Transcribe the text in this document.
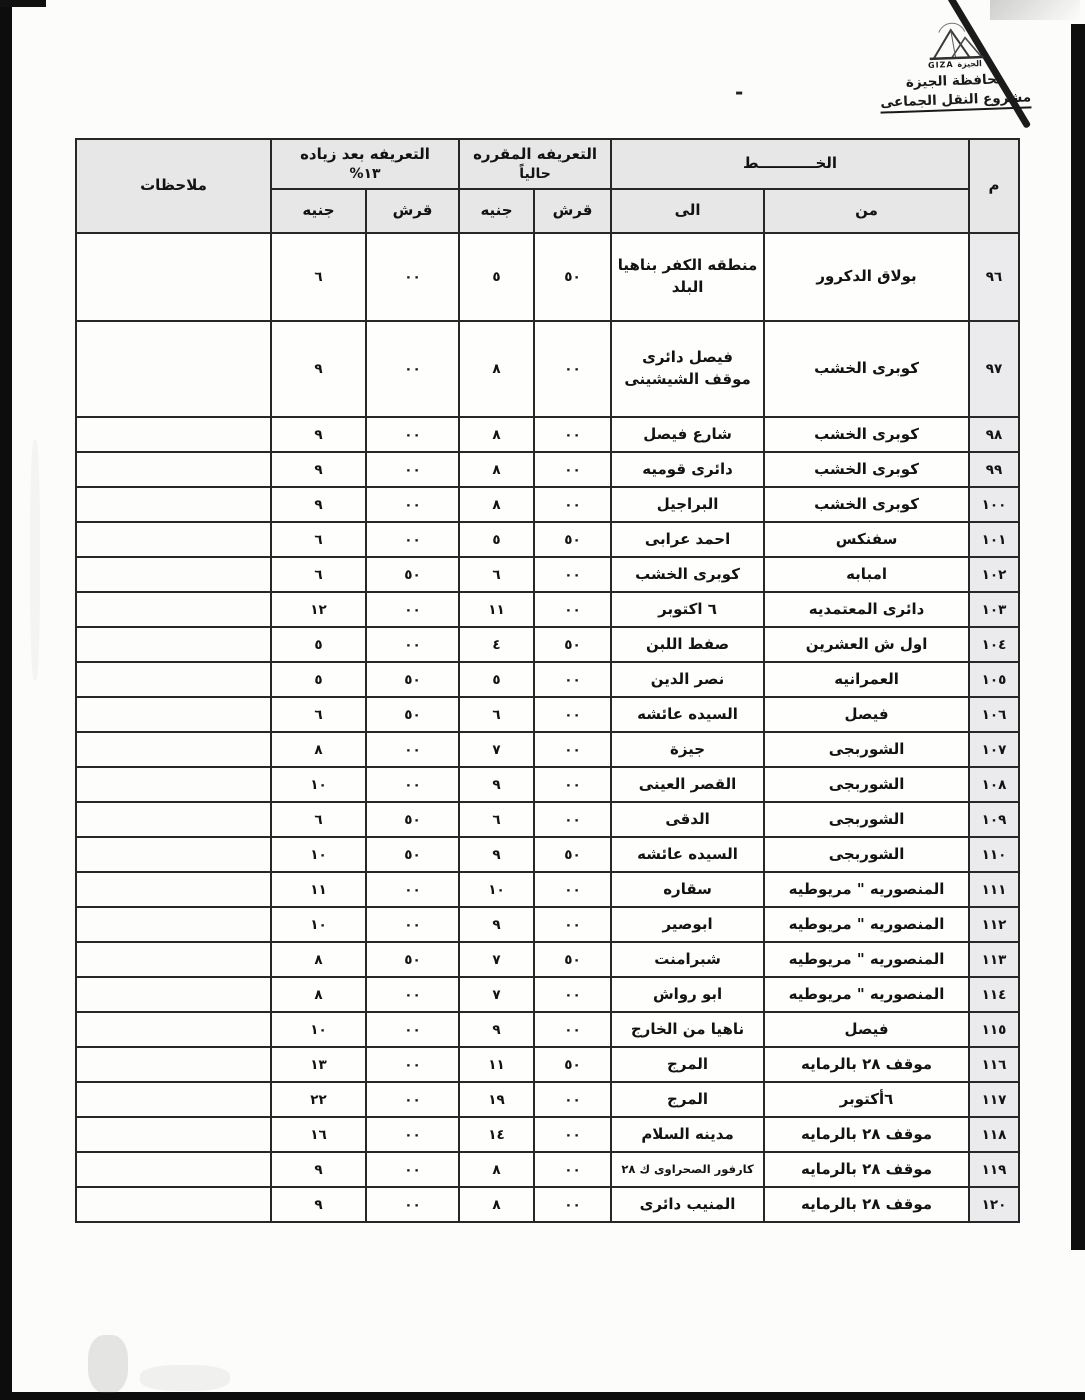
GIZA الجيزة
محافظة الجيزة
مشروع النقل الجماعى
-
م	الخـــــــــــط	
التعريفه المقرره
حالياً

التعريفه بعد زياده
١٣%
	ملاحظات
	من	الى	قرش	جنيه	قرش	جنيه	
٩٦	بولاق الدكرور	منطقه الكفر بناهيا البلد	٥٠	٥	٠٠	٦	
٩٧	كوبرى الخشب	فيصل دائرى موقف الشيشينى	٠٠	٨	٠٠	٩	
٩٨	كوبرى الخشب	شارع فيصل	٠٠	٨	٠٠	٩	
٩٩	كوبرى الخشب	دائرى قوميه	٠٠	٨	٠٠	٩	
١٠٠	كوبرى الخشب	البراجيل	٠٠	٨	٠٠	٩	
١٠١	سفنكس	احمد عرابى	٥٠	٥	٠٠	٦	
١٠٢	امبابه	كوبرى الخشب	٠٠	٦	٥٠	٦	
١٠٣	دائرى المعتمديه	٦ اكتوبر	٠٠	١١	٠٠	١٢	
١٠٤	اول ش العشرين	صفط اللبن	٥٠	٤	٠٠	٥	
١٠٥	العمرانيه	نصر الدين	٠٠	٥	٥٠	٥	
١٠٦	فيصل	السيده عائشه	٠٠	٦	٥٠	٦	
١٠٧	الشوربجى	جيزة	٠٠	٧	٠٠	٨	
١٠٨	الشوربجى	القصر العينى	٠٠	٩	٠٠	١٠	
١٠٩	الشوربجى	الدقى	٠٠	٦	٥٠	٦	
١١٠	الشوربجى	السيده عائشه	٥٠	٩	٥٠	١٠	
١١١	المنصوريه " مريوطيه	سقاره	٠٠	١٠	٠٠	١١	
١١٢	المنصوريه " مريوطيه	ابوصير	٠٠	٩	٠٠	١٠	
١١٣	المنصوريه " مريوطيه	شبرامنت	٥٠	٧	٥٠	٨	
١١٤	المنصوريه " مريوطيه	ابو رواش	٠٠	٧	٠٠	٨	
١١٥	فيصل	ناهيا من الخارج	٠٠	٩	٠٠	١٠	
١١٦	موقف ٢٨ بالرمايه	المرج	٥٠	١١	٠٠	١٣	
١١٧	٦أكتوبر	المرج	٠٠	١٩	٠٠	٢٢	
١١٨	موقف ٢٨ بالرمايه	مدينه السلام	٠٠	١٤	٠٠	١٦	
١١٩	موقف ٢٨ بالرمايه	كارفور الصحراوى ك ٢٨	٠٠	٨	٠٠	٩	
١٢٠	موقف ٢٨ بالرمايه	المنيب دائرى	٠٠	٨	٠٠	٩	
